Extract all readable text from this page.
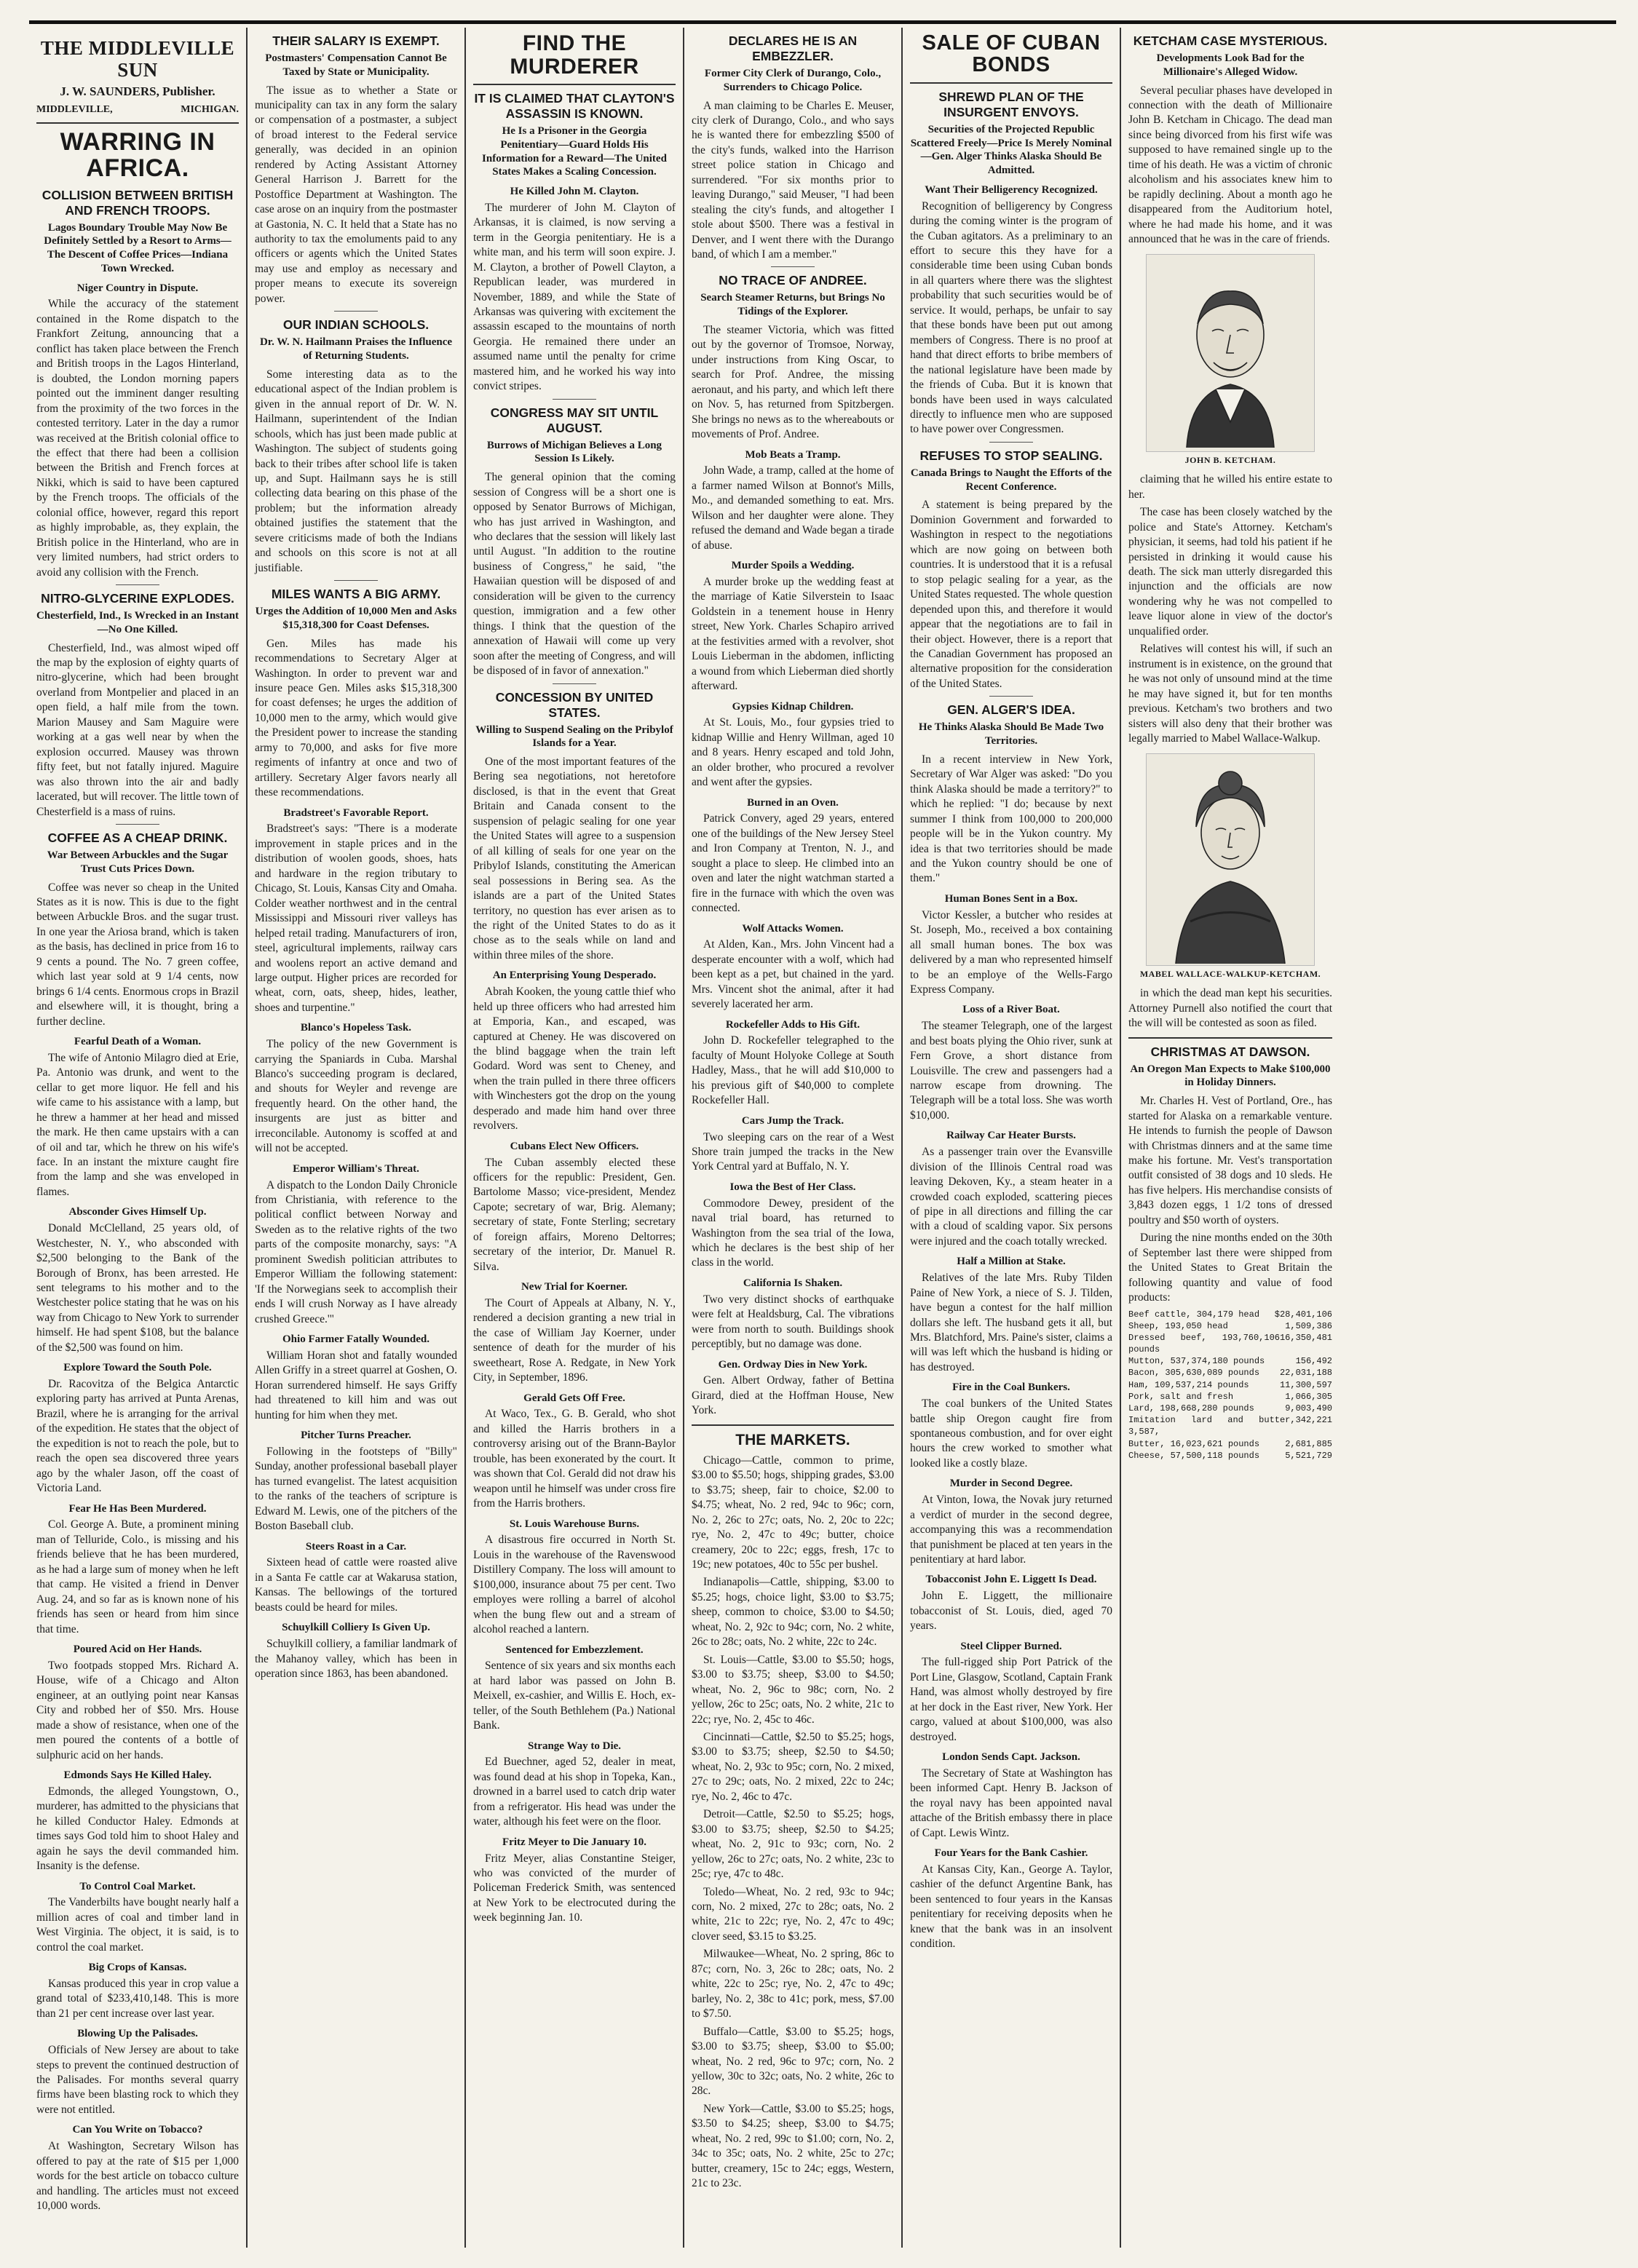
THE MIDDLEVILLE SUN
J. W. SAUNDERS, Publisher.
MIDDLEVILLE,	MICHIGAN.
WARRING IN AFRICA.
COLLISION BETWEEN BRITISH AND FRENCH TROOPS.
Lagos Boundary Trouble May Now Be Definitely Settled by a Resort to Arms—The Descent of Coffee Prices—Indiana Town Wrecked.
Niger Country in Dispute.

While the accuracy of the statement contained in the Rome dispatch to the Frankfort Zeitung, announcing that a conflict has taken place between the French and British troops in the Lagos Hinterland, is doubted, the London morning papers pointed out the imminent danger resulting from the proximity of the two forces in the contested territory. Later in the day a rumor was received at the British colonial office to the effect that there had been a collision between the British and French forces at Nikki, which is said to have been captured by the French troops. The officials of the colonial office, however, regard this report as highly improbable, as, they explain, the British police in the Hinterland, who are in very limited numbers, had strict orders to avoid any collision with the French.

NITRO-GLYCERINE EXPLODES.
Chesterfield, Ind., Is Wrecked in an Instant—No One Killed.

Chesterfield, Ind., was almost wiped off the map by the explosion of eighty quarts of nitro-glycerine, which had been brought overland from Montpelier and placed in an open field, a half mile from the town. Marion Mausey and Sam Maguire were working at a gas well near by when the explosion occurred. Mausey was thrown fifty feet, but not fatally injured. Maguire was also thrown into the air and badly lacerated, but will recover. The little town of Chesterfield is a mass of ruins.

COFFEE AS A CHEAP DRINK.
War Between Arbuckles and the Sugar Trust Cuts Prices Down.

Coffee was never so cheap in the United States as it is now. This is due to the fight between Arbuckle Bros. and the sugar trust. In one year the Ariosa brand, which is taken as the basis, has declined in price from 16 to 9 cents a pound. The No. 7 green coffee, which last year sold at 9 1/4 cents, now brings 6 1/4 cents. Enormous crops in Brazil and elsewhere will, it is thought, bring a further decline.

Fearful Death of a Woman.

The wife of Antonio Milagro died at Erie, Pa. Antonio was drunk, and went to the cellar to get more liquor. He fell and his wife came to his assistance with a lamp, but he threw a hammer at her head and missed the mark. He then came upstairs with a can of oil and tar, which he threw on his wife's face. In an instant the mixture caught fire from the lamp and she was enveloped in flames.

Absconder Gives Himself Up.

Donald McClelland, 25 years old, of Westchester, N. Y., who absconded with $2,500 belonging to the Bank of the Borough of Bronx, has been arrested. He sent telegrams to his mother and to the Westchester police stating that he was on his way from Chicago to New York to surrender himself. He had spent $108, but the balance of the $2,500 was found on him.

Explore Toward the South Pole.

Dr. Racovitza of the Belgica Antarctic exploring party has arrived at Punta Arenas, Brazil, where he is arranging for the arrival of the expedition. He states that the object of the expedition is not to reach the pole, but to reach the open sea discovered three years ago by the whaler Jason, off the coast of Victoria Land.

Fear He Has Been Murdered.

Col. George A. Bute, a prominent mining man of Telluride, Colo., is missing and his friends believe that he has been murdered, as he had a large sum of money when he left that camp. He visited a friend in Denver Aug. 24, and so far as is known none of his friends has seen or heard from him since that time.

Poured Acid on Her Hands.

Two footpads stopped Mrs. Richard A. House, wife of a Chicago and Alton engineer, at an outlying point near Kansas City and robbed her of $50. Mrs. House made a show of resistance, when one of the men poured the contents of a bottle of sulphuric acid on her hands.

Edmonds Says He Killed Haley.

Edmonds, the alleged Youngstown, O., murderer, has admitted to the physicians that he killed Conductor Haley. Edmonds at times says God told him to shoot Haley and again he says the devil commanded him. Insanity is the defense.

To Control Coal Market.

The Vanderbilts have bought nearly half a million acres of coal and timber land in West Virginia. The object, it is said, is to control the coal market.

Big Crops of Kansas.

Kansas produced this year in crop value a grand total of $233,410,148. This is more than 21 per cent increase over last year.

Blowing Up the Palisades.

Officials of New Jersey are about to take steps to prevent the continued destruction of the Palisades. For months several quarry firms have been blasting rock to which they were not entitled.

Can You Write on Tobacco?

At Washington, Secretary Wilson has offered to pay at the rate of $15 per 1,000 words for the best article on tobacco culture and handling. The articles must not exceed 10,000 words.

THEIR SALARY IS EXEMPT.
Postmasters' Compensation Cannot Be Taxed by State or Municipality.

The issue as to whether a State or municipality can tax in any form the salary or compensation of a postmaster, a subject of broad interest to the Federal service generally, was decided in an opinion rendered by Acting Assistant Attorney General Harrison J. Barrett for the Postoffice Department at Washington. The case arose on an inquiry from the postmaster at Gastonia, N. C. It held that a State has no authority to tax the emoluments paid to any officers or agents which the United States may use and employ as necessary and proper means to execute its sovereign power.

OUR INDIAN SCHOOLS.
Dr. W. N. Hailmann Praises the Influence of Returning Students.

Some interesting data as to the educational aspect of the Indian problem is given in the annual report of Dr. W. N. Hailmann, superintendent of the Indian schools, which has just been made public at Washington. The subject of students going back to their tribes after school life is taken up, and Supt. Hailmann says he is still collecting data bearing on this phase of the problem; but the information already obtained justifies the statement that the severe criticisms made of both the Indians and schools on this score is not at all justifiable.

MILES WANTS A BIG ARMY.
Urges the Addition of 10,000 Men and Asks $15,318,300 for Coast Defenses.

Gen. Miles has made his recommendations to Secretary Alger at Washington. In order to prevent war and insure peace Gen. Miles asks $15,318,300 for coast defenses; he urges the addition of 10,000 men to the army, which would give the President power to increase the standing army to 70,000, and asks for five more regiments of infantry at once and two of artillery. Secretary Alger favors nearly all these recommendations.

Bradstreet's Favorable Report.

Bradstreet's says: "There is a moderate improvement in staple prices and in the distribution of woolen goods, shoes, hats and hardware in the region tributary to Chicago, St. Louis, Kansas City and Omaha. Colder weather northwest and in the central Mississippi and Missouri river valleys has helped retail trading. Manufacturers of iron, steel, agricultural implements, railway cars and woolens report an active demand and large output. Higher prices are recorded for wheat, corn, oats, sheep, hides, leather, shoes and turpentine."

Blanco's Hopeless Task.

The policy of the new Government is carrying the Spaniards in Cuba. Marshal Blanco's succeeding program is declared, and shouts for Weyler and revenge are frequently heard. On the other hand, the insurgents are just as bitter and irreconcilable. Autonomy is scoffed at and will not be accepted.

Emperor William's Threat.

A dispatch to the London Daily Chronicle from Christiania, with reference to the political conflict between Norway and Sweden as to the relative rights of the two parts of the composite monarchy, says: "A prominent Swedish politician attributes to Emperor William the following statement: 'If the Norwegians seek to accomplish their ends I will crush Norway as I have already crushed Greece.'"

Ohio Farmer Fatally Wounded.

William Horan shot and fatally wounded Allen Griffy in a street quarrel at Goshen, O. Horan surrendered himself. He says Griffy had threatened to kill him and was out hunting for him when they met.

Pitcher Turns Preacher.

Following in the footsteps of "Billy" Sunday, another professional baseball player has turned evangelist. The latest acquisition to the ranks of the teachers of scripture is Edward M. Lewis, one of the pitchers of the Boston Baseball club.

Steers Roast in a Car.

Sixteen head of cattle were roasted alive in a Santa Fe cattle car at Wakarusa station, Kansas. The bellowings of the tortured beasts could be heard for miles.

Schuylkill Colliery Is Given Up.

Schuylkill colliery, a familiar landmark of the Mahanoy valley, which has been in operation since 1863, has been abandoned.

FIND THE MURDERER
IT IS CLAIMED THAT CLAYTON'S ASSASSIN IS KNOWN.
He Is a Prisoner in the Georgia Penitentiary—Guard Holds His Information for a Reward—The United States Makes a Scaling Concession.
He Killed John M. Clayton.

The murderer of John M. Clayton of Arkansas, it is claimed, is now serving a term in the Georgia penitentiary. He is a white man, and his term will soon expire. J. M. Clayton, a brother of Powell Clayton, a Republican leader, was murdered in November, 1889, and while the State of Arkansas was quivering with excitement the assassin escaped to the mountains of north Georgia. He remained there under an assumed name until the penalty for crime mastered him, and he worked his way into convict stripes.

CONGRESS MAY SIT UNTIL AUGUST.
Burrows of Michigan Believes a Long Session Is Likely.

The general opinion that the coming session of Congress will be a short one is opposed by Senator Burrows of Michigan, who has just arrived in Washington, and who declares that the session will likely last until August. "In addition to the routine business of Congress," he said, "the Hawaiian question will be disposed of and consideration will be given to the currency question, immigration and a few other things. I think that the question of the annexation of Hawaii will come up very soon after the meeting of Congress, and will be disposed of in favor of annexation."

CONCESSION BY UNITED STATES.
Willing to Suspend Sealing on the Pribylof Islands for a Year.

One of the most important features of the Bering sea negotiations, not heretofore disclosed, is that in the event that Great Britain and Canada consent to the suspension of pelagic sealing for one year the United States will agree to a suspension of all killing of seals for one year on the Pribylof Islands, constituting the American seal possessions in Bering sea. As the islands are a part of the United States territory, no question has ever arisen as to the right of the United States to do as it chose as to the seals while on land and within three miles of the shore.

An Enterprising Young Desperado.

Abrah Kooken, the young cattle thief who held up three officers who had arrested him at Emporia, Kan., and escaped, was captured at Cheney. He was discovered on the blind baggage when the train left Godard. Word was sent to Cheney, and when the train pulled in there three officers with Winchesters got the drop on the young desperado and made him hand over three revolvers.

Cubans Elect New Officers.

The Cuban assembly elected these officers for the republic: President, Gen. Bartolome Masso; vice-president, Mendez Capote; secretary of war, Brig. Alemany; secretary of state, Fonte Sterling; secretary of foreign affairs, Moreno Deltorres; secretary of the interior, Dr. Manuel R. Silva.

New Trial for Koerner.

The Court of Appeals at Albany, N. Y., rendered a decision granting a new trial in the case of William Jay Koerner, under sentence of death for the murder of his sweetheart, Rose A. Redgate, in New York City, in September, 1896.

Gerald Gets Off Free.

At Waco, Tex., G. B. Gerald, who shot and killed the Harris brothers in a controversy arising out of the Brann-Baylor trouble, has been exonerated by the court. It was shown that Col. Gerald did not draw his weapon until he himself was under cross fire from the Harris brothers.

St. Louis Warehouse Burns.

A disastrous fire occurred in North St. Louis in the warehouse of the Ravenswood Distillery Company. The loss will amount to $100,000, insurance about 75 per cent. Two employes were rolling a barrel of alcohol when the bung flew out and a stream of alcohol reached a lantern.

Sentenced for Embezzlement.

Sentence of six years and six months each at hard labor was passed on John B. Meixell, ex-cashier, and Willis E. Hoch, ex-teller, of the South Bethlehem (Pa.) National Bank.

Strange Way to Die.

Ed Buechner, aged 52, dealer in meat, was found dead at his shop in Topeka, Kan., drowned in a barrel used to catch drip water from a refrigerator. His head was under the water, although his feet were on the floor.

Fritz Meyer to Die January 10.

Fritz Meyer, alias Constantine Steiger, who was convicted of the murder of Policeman Frederick Smith, was sentenced at New York to be electrocuted during the week beginning Jan. 10.

DECLARES HE IS AN EMBEZZLER.
Former City Clerk of Durango, Colo., Surrenders to Chicago Police.

A man claiming to be Charles E. Meuser, city clerk of Durango, Colo., and who says he is wanted there for embezzling $500 of the city's funds, walked into the Harrison street police station in Chicago and surrendered. "For six months prior to leaving Durango," said Meuser, "I had been stealing the city's funds, and altogether I stole about $500. There was a festival in Denver, and I went there with the Durango band, of which I am a member."

NO TRACE OF ANDREE.
Search Steamer Returns, but Brings No Tidings of the Explorer.

The steamer Victoria, which was fitted out by the governor of Tromsoe, Norway, under instructions from King Oscar, to search for Prof. Andree, the missing aeronaut, and his party, and which left there on Nov. 5, has returned from Spitzbergen. She brings no news as to the whereabouts or movements of Prof. Andree.

Mob Beats a Tramp.

John Wade, a tramp, called at the home of a farmer named Wilson at Bonnot's Mills, Mo., and demanded something to eat. Mrs. Wilson and her daughter were alone. They refused the demand and Wade began a tirade of abuse.

Murder Spoils a Wedding.

A murder broke up the wedding feast at the marriage of Katie Silverstein to Isaac Goldstein in a tenement house in Henry street, New York. Charles Schapiro arrived at the festivities armed with a revolver, shot Louis Lieberman in the abdomen, inflicting a wound from which Lieberman died shortly afterward.

Gypsies Kidnap Children.

At St. Louis, Mo., four gypsies tried to kidnap Willie and Henry Willman, aged 10 and 8 years. Henry escaped and told John, an older brother, who procured a revolver and went after the gypsies.

Burned in an Oven.

Patrick Convery, aged 29 years, entered one of the buildings of the New Jersey Steel and Iron Company at Trenton, N. J., and sought a place to sleep. He climbed into an oven and later the night watchman started a fire in the furnace with which the oven was connected.

Wolf Attacks Women.

At Alden, Kan., Mrs. John Vincent had a desperate encounter with a wolf, which had been kept as a pet, but chained in the yard. Mrs. Vincent shot the animal, after it had severely lacerated her arm.

Rockefeller Adds to His Gift.

John D. Rockefeller telegraphed to the faculty of Mount Holyoke College at South Hadley, Mass., that he will add $10,000 to his previous gift of $40,000 to complete Rockefeller Hall.

Cars Jump the Track.

Two sleeping cars on the rear of a West Shore train jumped the tracks in the New York Central yard at Buffalo, N. Y.

Iowa the Best of Her Class.

Commodore Dewey, president of the naval trial board, has returned to Washington from the sea trial of the Iowa, which he declares is the best ship of her class in the world.

California Is Shaken.

Two very distinct shocks of earthquake were felt at Healdsburg, Cal. The vibrations were from north to south. Buildings shook perceptibly, but no damage was done.

Gen. Ordway Dies in New York.

Gen. Albert Ordway, father of Bettina Girard, died at the Hoffman House, New York.

THE MARKETS.

Chicago—Cattle, common to prime, $3.00 to $5.50; hogs, shipping grades, $3.00 to $3.75; sheep, fair to choice, $2.00 to $4.75; wheat, No. 2 red, 94c to 96c; corn, No. 2, 26c to 27c; oats, No. 2, 20c to 22c; rye, No. 2, 47c to 49c; butter, choice creamery, 20c to 22c; eggs, fresh, 17c to 19c; new potatoes, 40c to 55c per bushel.

Indianapolis—Cattle, shipping, $3.00 to $5.25; hogs, choice light, $3.00 to $3.75; sheep, common to choice, $3.00 to $4.50; wheat, No. 2, 92c to 94c; corn, No. 2 white, 26c to 28c; oats, No. 2 white, 22c to 24c.

St. Louis—Cattle, $3.00 to $5.50; hogs, $3.00 to $3.75; sheep, $3.00 to $4.50; wheat, No. 2, 96c to 98c; corn, No. 2 yellow, 26c to 25c; oats, No. 2 white, 21c to 22c; rye, No. 2, 45c to 46c.

Cincinnati—Cattle, $2.50 to $5.25; hogs, $3.00 to $3.75; sheep, $2.50 to $4.50; wheat, No. 2, 93c to 95c; corn, No. 2 mixed, 27c to 29c; oats, No. 2 mixed, 22c to 24c; rye, No. 2, 46c to 47c.

Detroit—Cattle, $2.50 to $5.25; hogs, $3.00 to $3.75; sheep, $2.50 to $4.25; wheat, No. 2, 91c to 93c; corn, No. 2 yellow, 26c to 27c; oats, No. 2 white, 23c to 25c; rye, 47c to 48c.

Toledo—Wheat, No. 2 red, 93c to 94c; corn, No. 2 mixed, 27c to 28c; oats, No. 2 white, 21c to 22c; rye, No. 2, 47c to 49c; clover seed, $3.15 to $3.25.

Milwaukee—Wheat, No. 2 spring, 86c to 87c; corn, No. 3, 26c to 28c; oats, No. 2 white, 22c to 25c; rye, No. 2, 47c to 49c; barley, No. 2, 38c to 41c; pork, mess, $7.00 to $7.50.

Buffalo—Cattle, $3.00 to $5.25; hogs, $3.00 to $3.75; sheep, $3.00 to $5.00; wheat, No. 2 red, 96c to 97c; corn, No. 2 yellow, 30c to 32c; oats, No. 2 white, 26c to 28c.

New York—Cattle, $3.00 to $5.25; hogs, $3.50 to $4.25; sheep, $3.00 to $4.75; wheat, No. 2 red, 99c to $1.00; corn, No. 2, 34c to 35c; oats, No. 2 white, 25c to 27c; butter, creamery, 15c to 24c; eggs, Western, 21c to 23c.

SALE OF CUBAN BONDS
SHREWD PLAN OF THE INSURGENT ENVOYS.
Securities of the Projected Republic Scattered Freely—Price Is Merely Nominal—Gen. Alger Thinks Alaska Should Be Admitted.
Want Their Belligerency Recognized.

Recognition of belligerency by Congress during the coming winter is the program of the Cuban agitators. As a preliminary to an effort to secure this they have for a considerable time been using Cuban bonds in all quarters where there was the slightest probability that such securities would be of service. It would, perhaps, be unfair to say that these bonds have been put out among members of Congress. There is no proof at hand that direct efforts to bribe members of the national legislature have been made by the friends of Cuba. But it is known that bonds have been used in ways calculated directly to influence men who are supposed to have power over Congressmen.

REFUSES TO STOP SEALING.
Canada Brings to Naught the Efforts of the Recent Conference.

A statement is being prepared by the Dominion Government and forwarded to Washington in respect to the negotiations which are now going on between both countries. It is understood that it is a refusal to stop pelagic sealing for a year, as the United States requested. The whole question depended upon this, and therefore it would appear that the negotiations are to fail in their object. However, there is a report that the Canadian Government has proposed an alternative proposition for the consideration of the United States.

GEN. ALGER'S IDEA.
He Thinks Alaska Should Be Made Two Territories.

In a recent interview in New York, Secretary of War Alger was asked: "Do you think Alaska should be made a territory?" to which he replied: "I do; because by next summer I think from 100,000 to 200,000 people will be in the Yukon country. My idea is that two territories should be made and the Yukon country should be one of them."

Human Bones Sent in a Box.

Victor Kessler, a butcher who resides at St. Joseph, Mo., received a box containing all small human bones. The box was delivered by a man who represented himself to be an employe of the Wells-Fargo Express Company.

Loss of a River Boat.

The steamer Telegraph, one of the largest and best boats plying the Ohio river, sunk at Fern Grove, a short distance from Louisville. The crew and passengers had a narrow escape from drowning. The Telegraph will be a total loss. She was worth $10,000.

Railway Car Heater Bursts.

As a passenger train over the Evansville division of the Illinois Central road was leaving Dekoven, Ky., a steam heater in a crowded coach exploded, scattering pieces of pipe in all directions and filling the car with a cloud of scalding vapor. Six persons were injured and the coach totally wrecked.

Half a Million at Stake.

Relatives of the late Mrs. Ruby Tilden Paine of New York, a niece of S. J. Tilden, have begun a contest for the half million dollars she left. The husband gets it all, but Mrs. Blatchford, Mrs. Paine's sister, claims a will was left which the husband is hiding or has destroyed.

Fire in the Coal Bunkers.

The coal bunkers of the United States battle ship Oregon caught fire from spontaneous combustion, and for over eight hours the crew worked to smother what looked like a costly blaze.

Murder in Second Degree.

At Vinton, Iowa, the Novak jury returned a verdict of murder in the second degree, accompanying this was a recommendation that punishment be placed at ten years in the penitentiary at hard labor.

Tobacconist John E. Liggett Is Dead.

John E. Liggett, the millionaire tobacconist of St. Louis, died, aged 70 years.

Steel Clipper Burned.

The full-rigged ship Port Patrick of the Port Line, Glasgow, Scotland, Captain Frank Hand, was almost wholly destroyed by fire at her dock in the East river, New York. Her cargo, valued at about $100,000, was also destroyed.

London Sends Capt. Jackson.

The Secretary of State at Washington has been informed Capt. Henry B. Jackson of the royal navy has been appointed naval attache of the British embassy there in place of Capt. Lewis Wintz.

Four Years for the Bank Cashier.

At Kansas City, Kan., George A. Taylor, cashier of the defunct Argentine Bank, has been sentenced to four years in the Kansas penitentiary for receiving deposits when he knew that the bank was in an insolvent condition.

KETCHAM CASE MYSTERIOUS.
Developments Look Bad for the Millionaire's Alleged Widow.

Several peculiar phases have developed in connection with the death of Millionaire John B. Ketcham in Chicago. The dead man since being divorced from his first wife was supposed to have remained single up to the time of his death. He was a victim of chronic alcoholism and his associates knew him to be rapidly declining. About a month ago he disappeared from the Auditorium hotel, where he had made his home, and it was announced that he was in the care of friends.

JOHN B. KETCHAM.

claiming that he willed his entire estate to her.

The case has been closely watched by the police and State's Attorney. Ketcham's physician, it seems, had told his patient if he persisted in drinking it would cause his death. The sick man utterly disregarded this injunction and the officials are now wondering why he was not compelled to leave liquor alone in view of the doctor's unqualified order.

Relatives will contest his will, if such an instrument is in existence, on the ground that he was not only of unsound mind at the time he may have signed it, but for ten months previous. Ketcham's two brothers and two sisters will also deny that their brother was legally married to Mabel Wallace-Walkup.

MABEL WALLACE-WALKUP-KETCHAM.

in which the dead man kept his securities. Attorney Purnell also notified the court that the will will be contested as soon as filed.

CHRISTMAS AT DAWSON.
An Oregon Man Expects to Make $100,000 in Holiday Dinners.

Mr. Charles H. Vest of Portland, Ore., has started for Alaska on a remarkable venture. He intends to furnish the people of Dawson with Christmas dinners and at the same time make his fortune. Mr. Vest's transportation outfit consisted of 38 dogs and 10 sleds. He has five helpers. His merchandise consists of 3,843 dozen eggs, 1 1/2 tons of dressed poultry and $50 worth of oysters.

During the nine months ended on the 30th of September last there were shipped from the United States to Great Britain the following quantity and value of food products:

Beef cattle, 304,179 head $28,401,106
Sheep, 193,050 head	1,509,386
Dressed beef, 193,760,106 pounds
16,350,481
Mutton, 537,374,180 pounds	156,492
Bacon, 305,630,089 pounds 22,031,188
Ham, 109,537,214 pounds	11,300,597
Pork, salt and fresh	1,066,305
Lard, 198,668,280 pounds	9,003,490
Imitation lard and butter, 3,587,
342,221
Butter, 16,023,621 pounds	2,681,885
Cheese, 57,500,118 pounds	5,521,729
